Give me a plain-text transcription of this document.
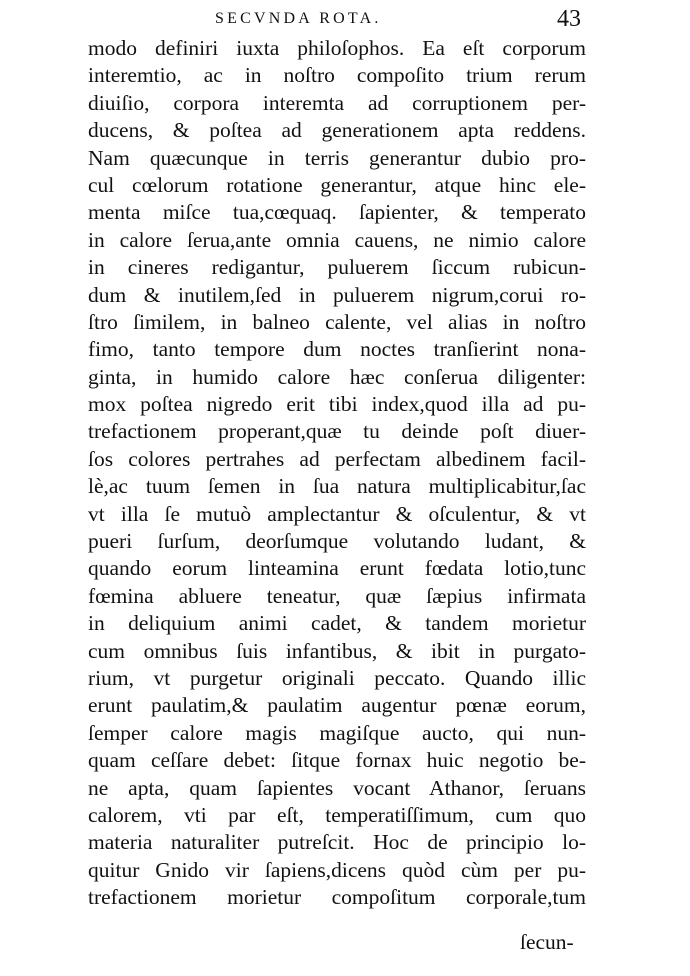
SECVNDA ROTA.	43
modo definiri iuxta philoſophos. Ea eſt corporum
interemtio, ac in noſtro compoſito trium rerum
diuiſio, corpora interemta ad corruptionem per-
ducens, & poſtea ad generationem apta reddens.
Nam quæcunque in terris generantur dubio pro-
cul cœlorum rotatione generantur, atque hinc ele-
menta miſce tua,cœquaq. ſapienter, & temperato
in calore ſerua,ante omnia cauens, ne nimio calore
in cineres redigantur, puluerem ſiccum rubicun-
dum & inutilem,ſed in puluerem nigrum,corui ro-
ſtro ſimilem, in balneo calente, vel alias in noſtro
fimo, tanto tempore dum noctes tranſierint nona-
ginta, in humido calore hæc conſerua diligenter:
mox poſtea nigredo erit tibi index,quod illa ad pu-
trefactionem properant,quæ tu deinde poſt diuer-
ſos colores pertrahes ad perfectam albedinem facil-
lè,ac tuum ſemen in ſua natura multiplicabitur,ſac
vt illa ſe mutuò amplectantur & oſculentur, & vt
pueri ſurſum, deorſumque volutando ludant, &
quando eorum linteamina erunt fœdata lotio,tunc
fœmina abluere teneatur, quæ ſæpius infirmata
in deliquium animi cadet, & tandem morietur
cum omnibus ſuis infantibus, & ibit in purgato-
rium, vt purgetur originali peccato. Quando illic
erunt paulatim,& paulatim augentur pœnæ eorum,
ſemper calore magis magiſque aucto, qui nun-
quam ceſſare debet: ſitque fornax huic negotio be-
ne apta, quam ſapientes vocant Athanor, ſeruans
calorem, vti par eſt, temperatiſſimum, cum quo
materia naturaliter putreſcit. Hoc de principio lo-
quitur Gnido vir ſapiens,dicens quòd cùm per pu-
trefactionem morietur compoſitum corporale,tum
ſecun-
